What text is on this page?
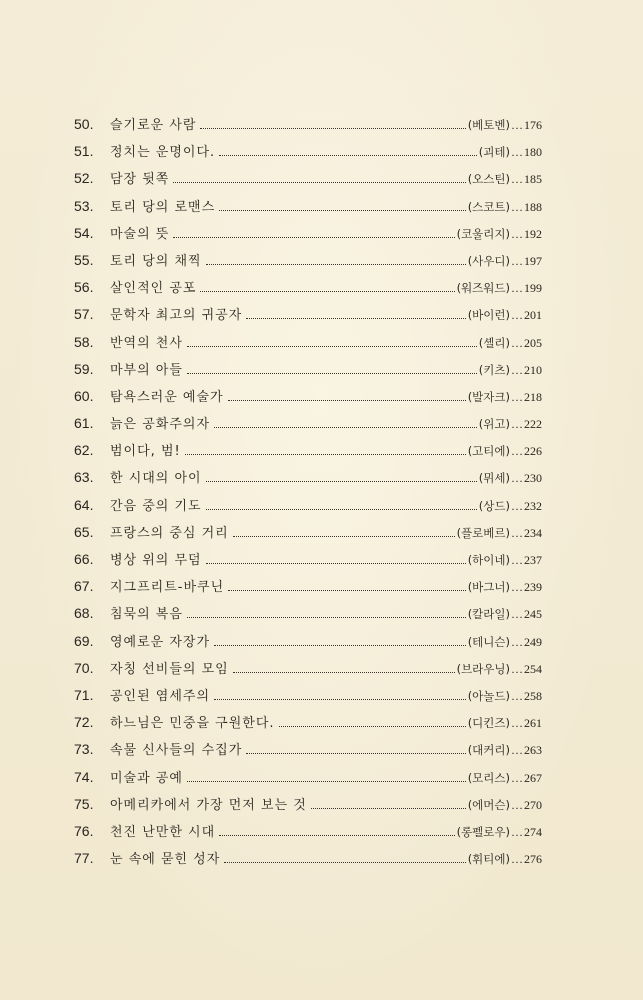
50.	슬기로운 사람	(베토벤) … 176
51.	정치는 운명이다.	(괴테) … 180
52.	담장 뒷쪽	(오스틴) … 185
53.	토리 당의 로맨스	(스코트) … 188
54.	마술의 뜻	(코울리지) … 192
55.	토리 당의 채찍	(사우디) … 197
56.	살인적인 공포	(워즈워드) … 199
57.	문학자 최고의 귀공자	(바이런) … 201
58.	반역의 천사	(셸리) … 205
59.	마부의 아들	(키츠) … 210
60.	탐욕스러운 예술가	(발자크) … 218
61.	늙은 공화주의자	(위고) … 222
62.	범이다, 범!	(고티에) … 226
63.	한 시대의 아이	(뮈세) … 230
64.	간음 중의 기도	(상드) … 232
65.	프랑스의 중심 거리	(플로베르) … 234
66.	병상 위의 무덤	(하이네) … 237
67.	지그프리트-바쿠닌	(바그너) … 239
68.	침묵의 복음	(칼라일) … 245
69.	영예로운 자장가	(테니슨) … 249
70.	자칭 선비들의 모임	(브라우닝) … 254
71.	공인된 염세주의	(아놀드) … 258
72.	하느님은 민중을 구원한다.	(디킨즈) … 261
73.	속물 신사들의 수집가	(대커리) … 263
74.	미술과 공예	(모리스) … 267
75.	아메리카에서 가장 먼저 보는 것	(에머슨) … 270
76.	천진 난만한 시대	(롱펠로우) … 274
77.	눈 속에 묻힌 성자	(휘티에) … 276
